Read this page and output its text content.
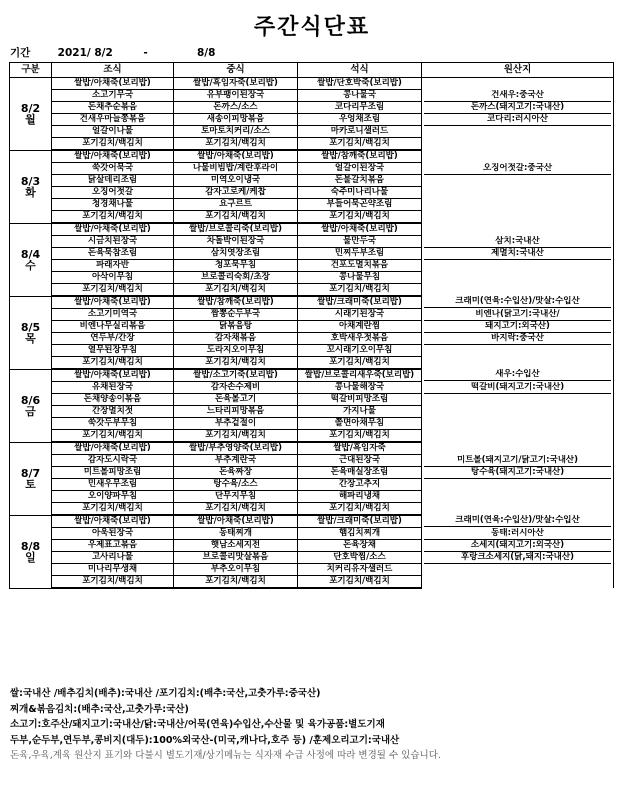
주간식단표
기간	2021/ 8/2	-	8/8
구분	조식	중식	석식	원산지

8/2
월	쌀밥/아채죽(보리밥)	쌀밥/흑임자죽(보리밥)	쌀밥/단호박죽(보리밥)	

	소고기무국	유부팽이된장국	콩나물국	건새우:중국산

	돈채추순볶음	돈까스/소스	코다리무조림	돈까스(돼지고기:국내산)

	건새우마늘쫑볶음	새송이피망볶음	우엉채조림	코다리:러시아산

	얼갈이나물	토마토치커리/소스	마카로니샐러드	

	포기김치/백김치	포기김치/백김치	포기김치/백김치	

8/3
화	쌀밥/아채죽(보리밥)	쌀밥/아채죽(보리밥)	쌀밥/참깨죽(보리밥)	

	쑥갓어묵국	나물비빔밥/계란후라이	얼갈이된장국	오징어젓갈:중국산

	닭살데리조림	미역오이냉국	돈불갈치볶음	

	오징어젓갈	감자고로케/케찹	숙주미나리나물	

	청경채나물	요구르트	부들어묵곤약조림	

	포기김치/백김치	포기김치/백김치	포기김치/백김치	

8/4
수	쌀밥/아채죽(보리밥)	쌀밥/브로콜리죽(보리밥)	쌀밥/아채죽(보리밥)	

	시금치된장국	차돌박이된장국	물만두국	삼치:국내산

	돈육묵참조림	삼치엿장조림	민찌두부조림	제멸치:국내산

	파래자반	청포묵무침	건포도멸치볶음	

	아삭이무침	브로콜리숙회/초장	콩나물무침	

	포기김치/백김치	포기김치/백김치	포기김치/백김치	

8/5
목	쌀밥/아채죽(보리밥)	쌀밥/참깨죽(보리밥)	쌀밥/크래미죽(보리밥)	크래미(연육:수입산)/맛살:수입산

	소고기미역국	짬뽕순두부국	시래기된장국	비엔나(닭고기:국내산/

	비엔나무실리볶음	닭볶음탕	아채계란찜	돼지고기:외국산)

	연두부/간장	감자채볶음	호박새우젓볶음	바지락:중국산

	열무된장무침	도라지오이무침	꼬시래기오이무침	

	포기김치/백김치	포기김치/백김치	포기김치/백김치	

8/6
금	쌀밥/아채죽(보리밥)	쌀밥/소고기죽(보리밥)	쌀밥/브로콜리새우죽(보리밥)	새우:수입산

	유채된장국	감자손수제비	콩나물해장국	떡갈비(돼지고기:국내산)

	돈채양송이볶음	돈육볼고기	떡갈비피망조림	

	간장멸치젓	느타리피망볶음	가지나물	

	쑥갓두부무침	부추겉절이	쫄면아채무침	

	포기김치/백김치	포기김치/백김치	포기김치/백김치	

8/7
토	쌀밥/아채죽(보리밥)	쌀밥/부추영양죽(보리밥)	쌀밥/흑임자죽	

	감자도시락국	부추계란국	근대된장국	미트볼(돼지고기/닭고기:국내산)

	미트볼피망조림	돈육짜장	돈육매실장조림	탕수육(돼지고기:국내산)

	민새우무조림	탕수육/소스	간장고추지	

	오이양파무침	단무지무침	해파리냉채	

	포기김치/백김치	포기김치/백김치	포기김치/백김치	

8/8
일	쌀밥/아채죽(보리밥)	쌀밥/아채죽(보리밥)	쌀밥/크래미죽(보리밥)	크래미(연육:수입산)/맛살:수입산

	아욱된장국	동태찌개	햄김치찌개	동태:러시아산

	우제표고볶음	햇남소세지전	돈육장채	소세지(돼지고기:외국산)

	고사리나물	브로콜리맛살볶음	단호박찜/소스	후랑크소세지(닭,돼지:국내산)

	미나리무생채	부추오이무침	치커리유자샐러드	

	포기김치/백김치	포기김치/백김치	포기김치/백김치	

쌀:국내산 /배추김치(배추):국내산 /포기김치:(배추:국산,고춧가루:중국산)
찌개&볶음김치:(배추:국산,고춧가루:국산)
소고기:호주산/돼지고기:국내산/닭:국내산/어묵(연육)수입산,수산물 및 육가공품:별도기재
두부,순두부,연두부,콩비지(대두):100%외국산-(미국,캐나다,호주 등) /훈제오리고기:국내산
돈육,우육,계육 원산지 표기와 다불시 별도기재/상기메뉴는 식자재 수급 사정에 따라 변경될 수 있습니다.
